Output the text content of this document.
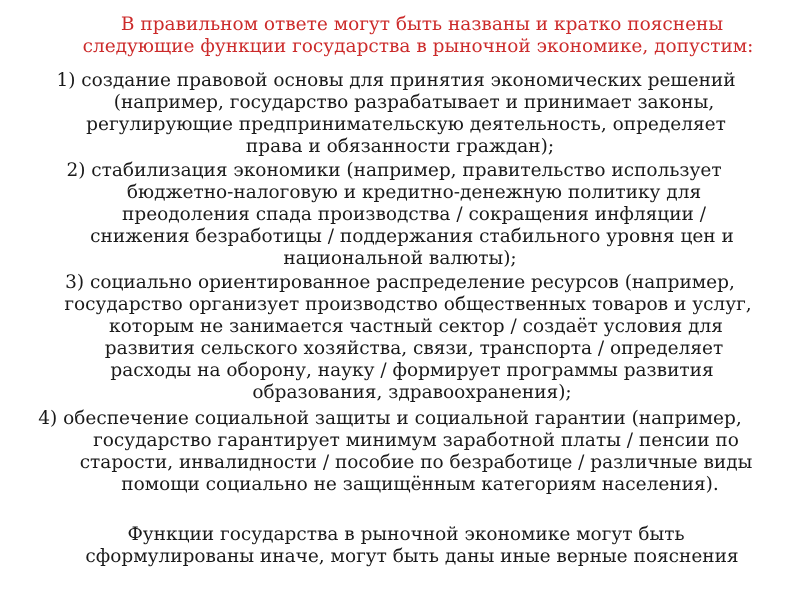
В правильном ответе могут быть названы и кратко пояснены
следующие функции государства в рыночной экономике, допустим:
1) создание правовой основы для принятия экономических решений
(например, государство разрабатывает и принимает законы,
регулирующие предпринимательскую деятельность, определяет
права и обязанности граждан);
2) стабилизация экономики (например, правительство использует
бюджетно-налоговую и кредитно-денежную политику для
преодоления спада производства / сокращения инфляции /
снижения безработицы / поддержания стабильного уровня цен и
национальной валюты);
3) социально ориентированное распределение ресурсов (например,
государство организует производство общественных товаров и услуг,
которым не занимается частный сектор / создаёт условия для
развития сельского хозяйства, связи, транспорта / определяет
расходы на оборону, науку / формирует программы развития
образования, здравоохранения);
4) обеспечение социальной защиты и социальной гарантии (например,
государство гарантирует минимум заработной платы / пенсии по
старости, инвалидности / пособие по безработице / различные виды
помощи социально не защищённым категориям населения).
Функции государства в рыночной экономике могут быть
сформулированы иначе, могут быть даны иные верные пояснения
